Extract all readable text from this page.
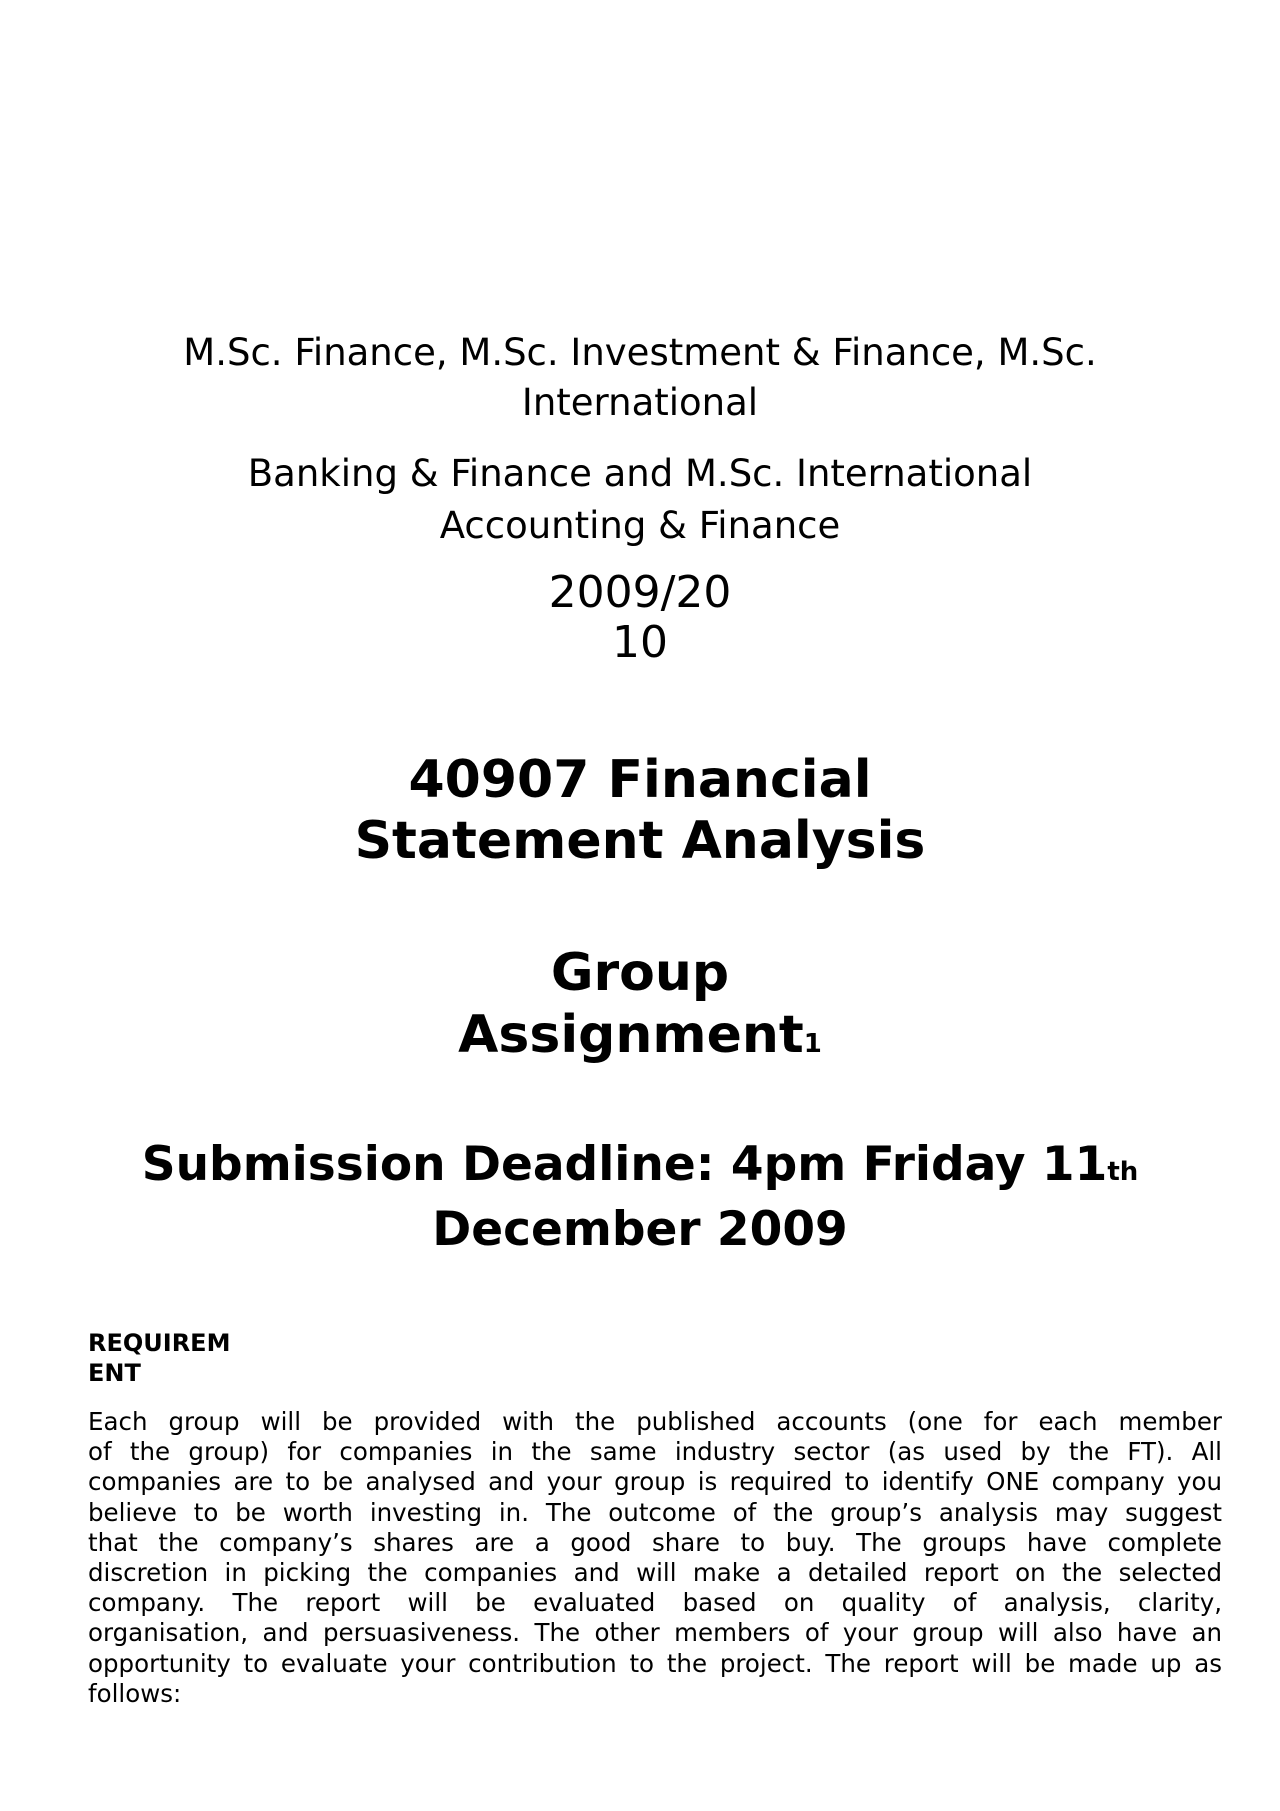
M.Sc. Finance, M.Sc. Investment & Finance, M.Sc.
International
Banking & Finance and M.Sc. International
Accounting & Finance
2009/20
10
40907 Financial
Statement Analysis
Group
Assignment1
Submission Deadline: 4pm Friday 11th
December 2009
REQUIREM
ENT
Each group will be provided with the published accounts (one for each member
of the group) for companies in the same industry sector (as used by the FT). All
companies are to be analysed and your group is required to identify ONE company you
believe to be worth investing in. The outcome of the group’s analysis may suggest
that the company’s shares are a good share to buy. The groups have complete
discretion in picking the companies and will make a detailed report on the selected
company. The report will be evaluated based on quality of analysis, clarity,
organisation, and persuasiveness. The other members of your group will also have an
opportunity to evaluate your contribution to the project. The report will be made up as
follows:
